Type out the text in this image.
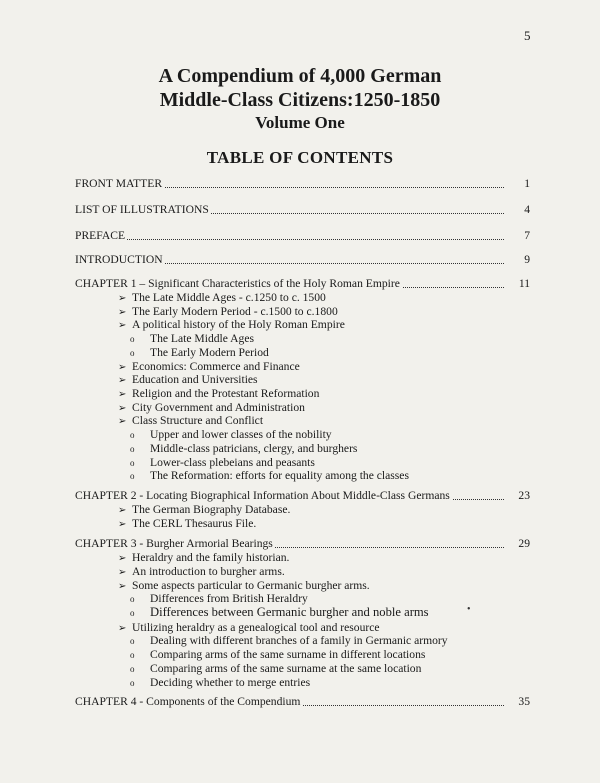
5
A Compendium of 4,000 German
Middle-Class Citizens:1250-1850
Volume One
TABLE OF CONTENTS
FRONT MATTER	1
LIST OF ILLUSTRATIONS	4
PREFACE	7
INTRODUCTION	9
CHAPTER 1 – Significant Characteristics of the Holy Roman Empire	11
➢ The Late Middle Ages - c.1250 to c. 1500
➢ The Early Modern Period - c.1500 to c.1800
➢ A political history of the Holy Roman Empire
o The Late Middle Ages
o The Early Modern Period
➢ Economics: Commerce and Finance
➢ Education and Universities
➢ Religion and the Protestant Reformation
➢ City Government and Administration
➢ Class Structure and Conflict
o Upper and lower classes of the nobility
o Middle-class patricians, clergy, and burghers
o Lower-class plebeians and peasants
o The Reformation: efforts for equality among the classes
CHAPTER 2 - Locating Biographical Information About Middle-Class Germans	23
➢ The German Biography Database.
➢ The CERL Thesaurus File.
CHAPTER 3 - Burgher Armorial Bearings	29
➢ Heraldry and the family historian.
➢ An introduction to burgher arms.
➢ Some aspects particular to Germanic burgher arms.
o Differences from British Heraldry
o Differences between Germanic burgher and noble arms
➢ Utilizing heraldry as a genealogical tool and resource
o Dealing with different branches of a family in Germanic armory
o Comparing arms of the same surname in different locations
o Comparing arms of the same surname at the same location
o Deciding whether to merge entries
CHAPTER 4 - Components of the Compendium	35
•
